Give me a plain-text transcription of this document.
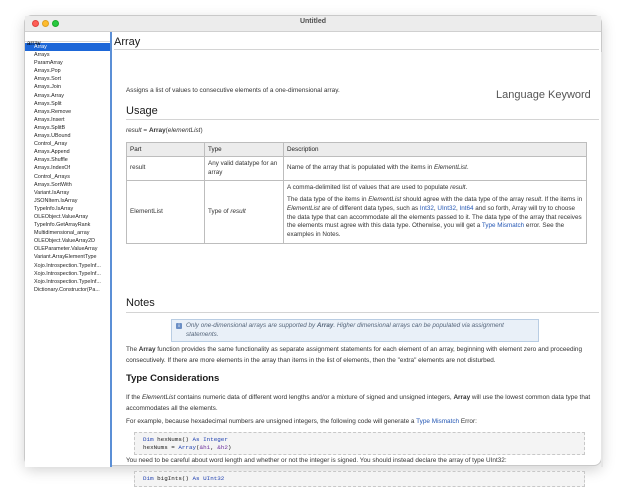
Untitled
array
Array
Arrays
ParamArray
Arrays.Pop
Arrays.Sort
Arrays.Join
Arrays.Array
Arrays.Split
Arrays.Remove
Arrays.Insert
Arrays.SplitB
Arrays.UBound
Control_Array
Arrays.Append
Arrays.Shuffle
Arrays.IndexOf
Control_Arrays
Arrays.SortWith
Variant.IsArray
JSONItem.IsArray
TypeInfo.IsArray
OLEObject.ValueArray
TypeInfo.GetArrayRank
Multidimensional_array
OLEObject.ValueArray2D
OLEParameter.ValueArray
Variant.ArrayElementType
Xojo.Introspection.TypeInf...
Xojo.Introspection.TypeInf...
Xojo.Introspection.TypeInf...
Dictionary.Constructor(Pa...
Array
Assigns a list of values to consecutive elements of a one-dimensional array.	Language Keyword
Usage
result = Array(elementList)
Part	Type	Description
result	Any valid datatype for an array	Name of the array that is populated with the items in ElementList.
ElementList	Type of result	A comma-delimited list of values that are used to populate result.
The data type of the items in ElementList should agree with the data type of the array result. If the items in ElementList are of different data types, such as Int32, UInt32, Int64 and so forth, Array will try to choose the data type that can accommodate all the elements passed to it. The data type of the array that receives the elements must agree with this data type. Otherwise, you will get a Type Mismatch error. See the examples in Notes.
Notes
i	Only one-dimensional arrays are supported by Array. Higher dimensional arrays can be populated via assignment statements.
The Array function provides the same functionality as separate assignment statements for each element of an array, beginning with element zero and proceeding consecutively. If there are more elements in the array than items in the list of elements, then the "extra" elements are not disturbed.
Type Considerations
If the ElementList contains numeric data of different word lengths and/or a mixture of signed and unsigned integers, Array will use the lowest common data type that accommodates all the elements.
For example, because hexadecimal numbers are unsigned integers, the following code will generate a Type Mismatch Error:
Dim hexNums() As Integer
hexNums = Array(&h1, &h2)
You need to be careful about word length and whether or not the integer is signed. You should instead declare the array of type UInt32:
Dim bigInts() As UInt32
